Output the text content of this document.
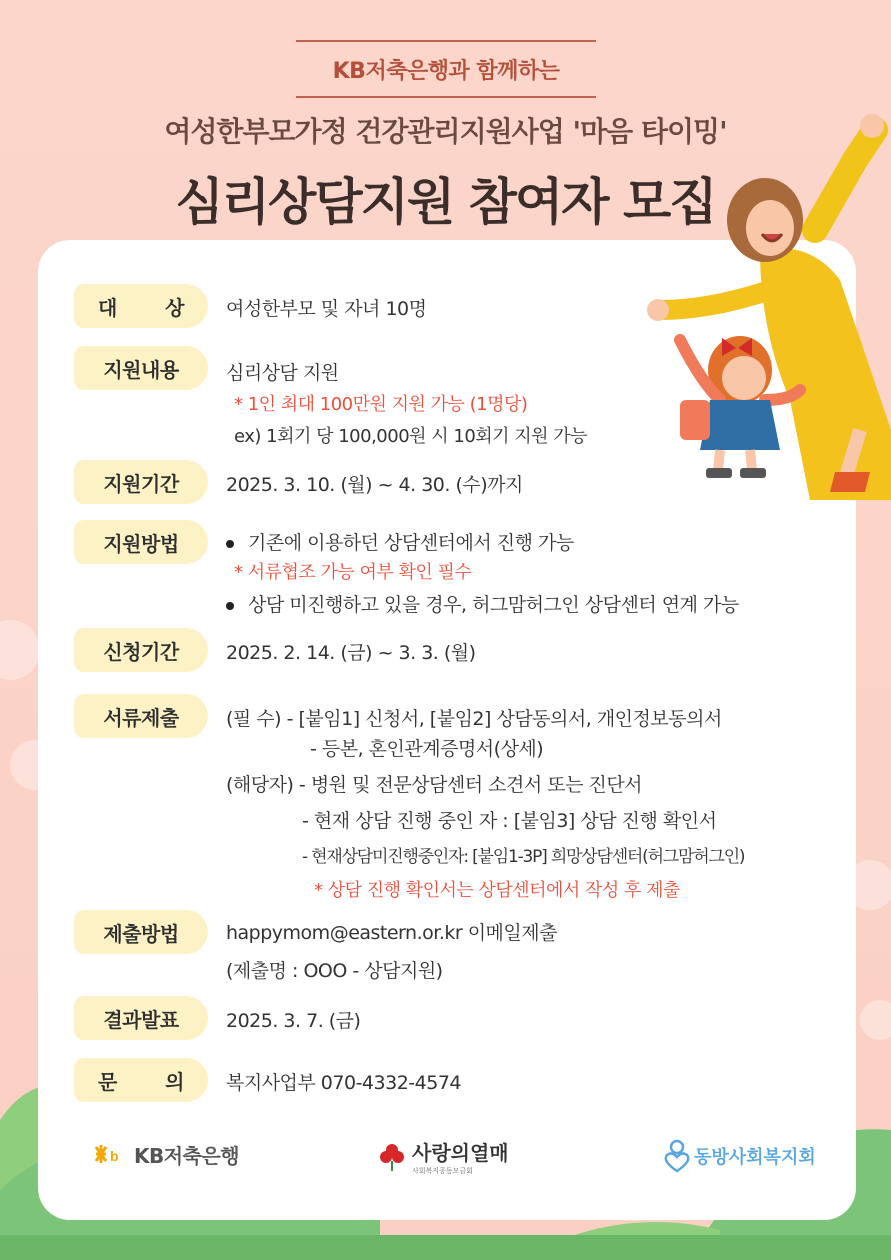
KB저축은행과 함께하는
여성한부모가정 건강관리지원사업 '마음 타이밍'
심리상담지원 참여자 모집
대 상 여성한부모 및 자녀 10명
지원내용	심리상담 지원
* 1인 최대 100만원 지원 가능 (1명당)
ex) 1회기 당 100,000원 시 10회기 지원 가능
지원기간	2025. 3. 10. (월) ~ 4. 30. (수)까지
지원방법	기존에 이용하던 상담센터에서 진행 가능
* 서류협조 가능 여부 확인 필수
상담 미진행하고 있을 경우, 허그맘허그인 상담센터 연계 가능
신청기간	2025. 2. 14. (금) ~ 3. 3. (월)
서류제출	(필 수) - [붙임1] 신청서, [붙임2] 상담동의서, 개인정보동의서
- 등본, 혼인관계증명서(상세)
(해당자) - 병원 및 전문상담센터 소견서 또는 진단서
- 현재 상담 진행 중인 자 : [붙임3] 상담 진행 확인서
- 현재상담미진행중인자: [붙임1-3P] 희망상담센터(허그맘허그인)
* 상담 진행 확인서는 상담센터에서 작성 후 제출
제출방법	happymom@eastern.or.kr 이메일제출
(제출명 : OOO - 상담지원)
결과발표	2025. 3. 7. (금)
문 의 복지사업부 070-4332-4574
b KB저축은행	사랑의열매
사회복지공동모금회
동방사회복지회
